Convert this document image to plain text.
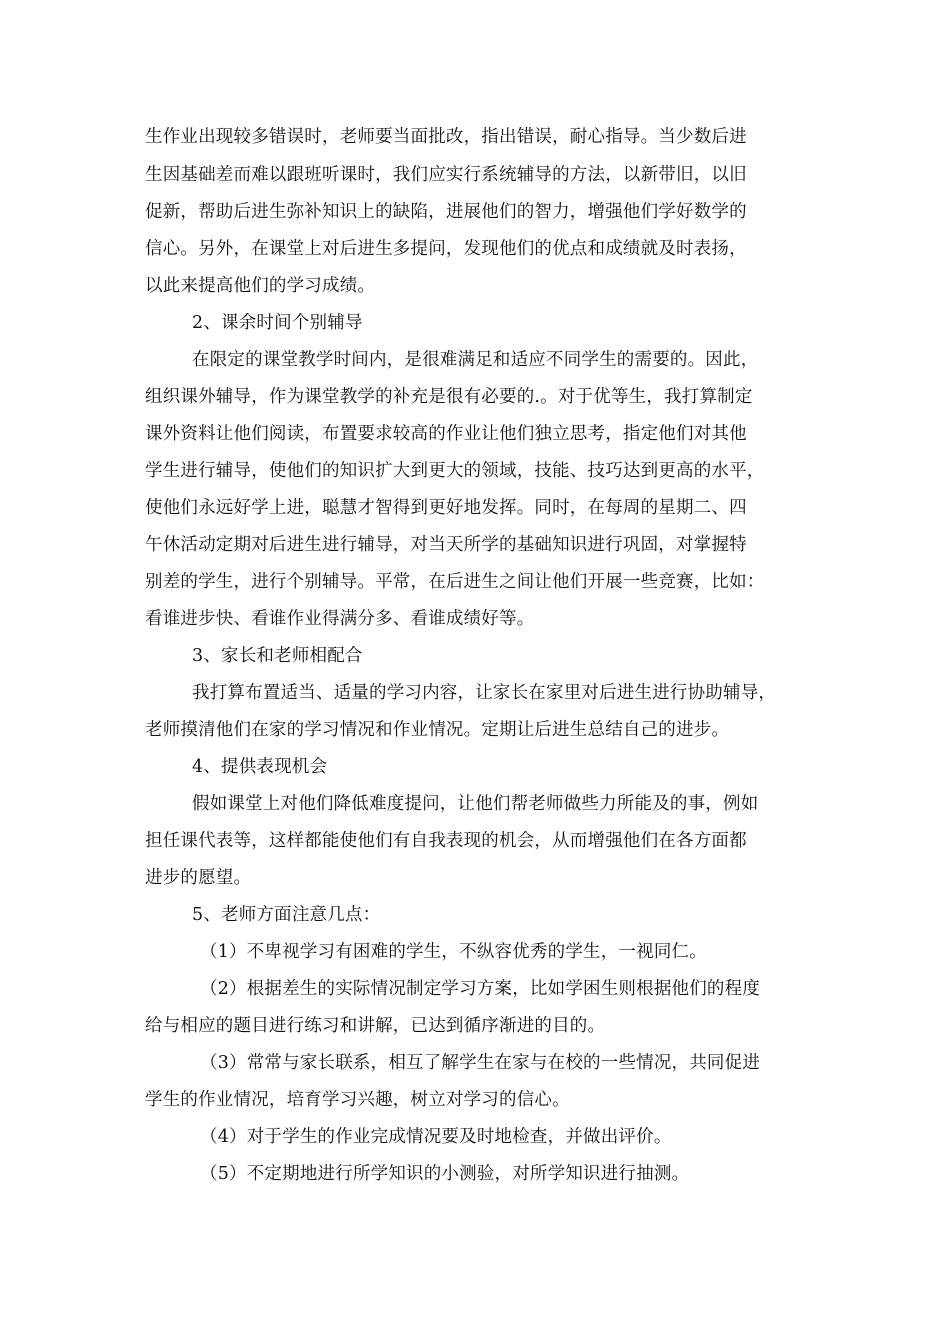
生作业出现较多错误时，老师要当面批改，指出错误，耐心指导。当少数后进
生因基础差而难以跟班听课时，我们应实行系统辅导的方法，以新带旧，以旧
促新，帮助后进生弥补知识上的缺陷，进展他们的智力，增强他们学好数学的
信心。另外，在课堂上对后进生多提问，发现他们的优点和成绩就及时表扬，
以此来提高他们的学习成绩。
2、课余时间个别辅导
在限定的课堂教学时间内，是很难满足和适应不同学生的需要的。因此，
组织课外辅导，作为课堂教学的补充是很有必要的.。对于优等生，我打算制定
课外资料让他们阅读，布置要求较高的作业让他们独立思考，指定他们对其他
学生进行辅导，使他们的知识扩大到更大的领域，技能、技巧达到更高的水平，
使他们永远好学上进，聪慧才智得到更好地发挥。同时，在每周的星期二、四
午休活动定期对后进生进行辅导，对当天所学的基础知识进行巩固，对掌握特
别差的学生，进行个别辅导。平常，在后进生之间让他们开展一些竞赛，比如：
看谁进步快、看谁作业得满分多、看谁成绩好等。
3、家长和老师相配合
我打算布置适当、适量的学习内容，让家长在家里对后进生进行协助辅导，
老师摸清他们在家的学习情况和作业情况。定期让后进生总结自己的进步。
4、提供表现机会
假如课堂上对他们降低难度提问，让他们帮老师做些力所能及的事，例如
担任课代表等，这样都能使他们有自我表现的机会，从而增强他们在各方面都
进步的愿望。
5、老师方面注意几点：
（1）不卑视学习有困难的学生，不纵容优秀的学生，一视同仁。
（2）根据差生的实际情况制定学习方案，比如学困生则根据他们的程度
给与相应的题目进行练习和讲解，已达到循序渐进的目的。
（3）常常与家长联系，相互了解学生在家与在校的一些情况，共同促进
学生的作业情况，培育学习兴趣，树立对学习的信心。
（4）对于学生的作业完成情况要及时地检查，并做出评价。
（5）不定期地进行所学知识的小测验，对所学知识进行抽测。
